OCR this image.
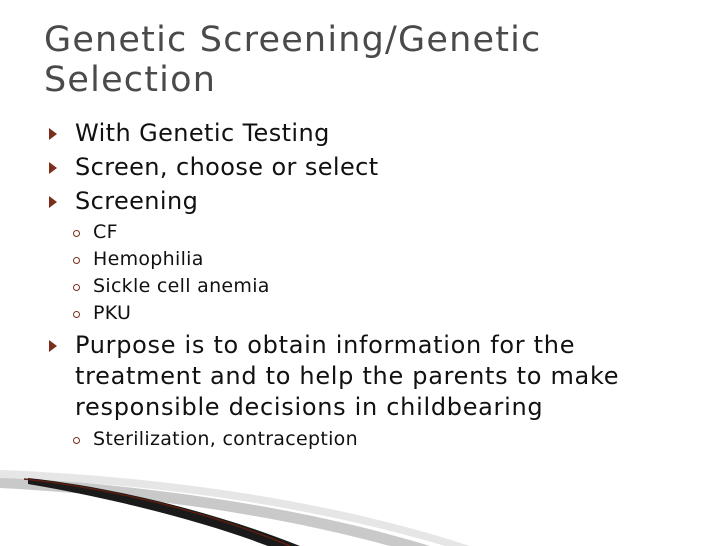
Genetic Screening/Genetic Selection
With Genetic Testing
Screen, choose or select
Screening
CF
Hemophilia
Sickle cell anemia
PKU
Purpose is to obtain information for the treatment and to help the parents to make responsible decisions in childbearing
Sterilization, contraception
